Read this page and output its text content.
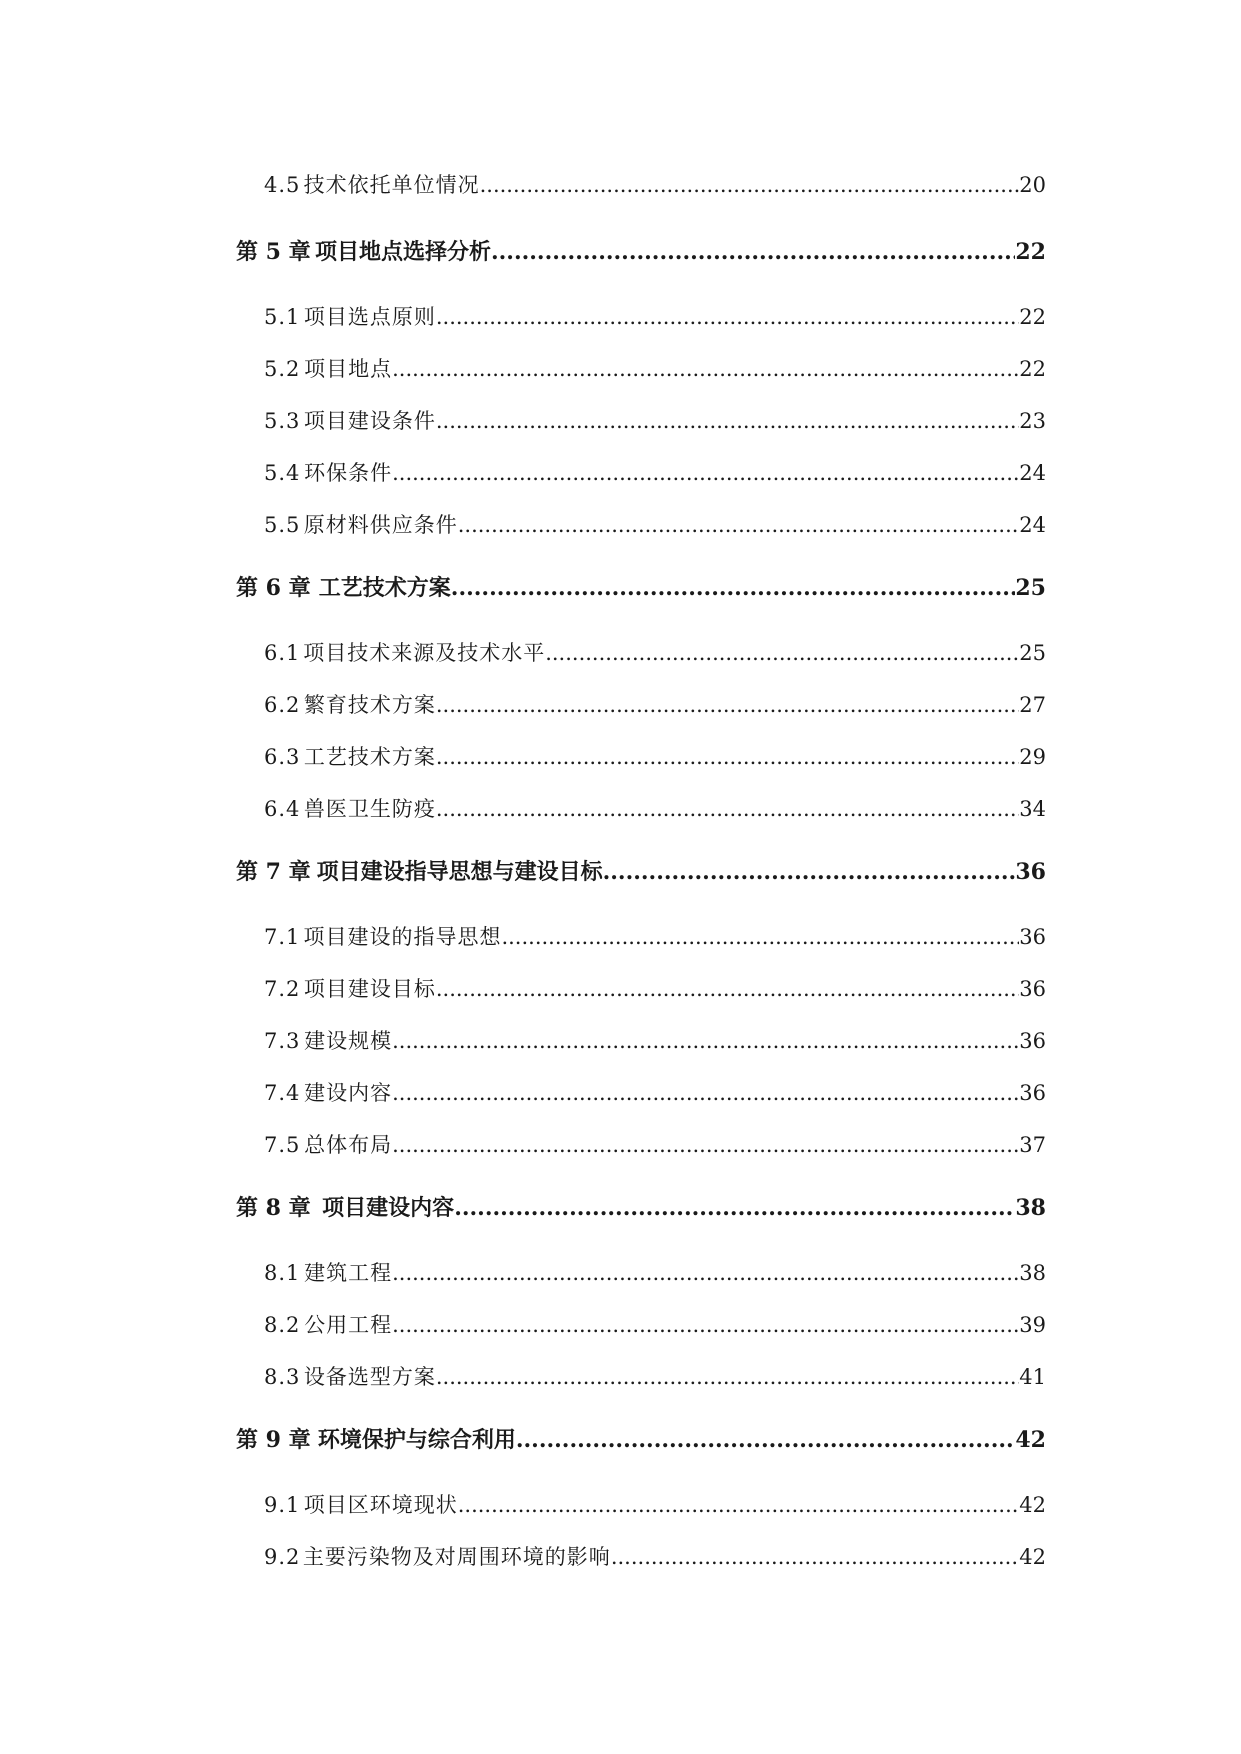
4.5 技术依托单位情况 .....	20
第 5 章 项目地点选择分析 .....	22
5.1 项目选点原则 .....	22
5.2 项目地点 .....	22
5.3 项目建设条件 .....	23
5.4 环保条件 .....	24
5.5 原材料供应条件 .....	24
第 6 章 工艺技术方案 .....	25
6.1 项目技术来源及技术水平 .....	25
6.2 繁育技术方案 .....	27
6.3 工艺技术方案 .....	29
6.4 兽医卫生防疫 .....	34
第 7 章 项目建设指导思想与建设目标 .....	36
7.1 项目建设的指导思想 .....	36
7.2 项目建设目标 .....	36
7.3 建设规模 .....	36
7.4 建设内容 .....	36
7.5 总体布局 .....	37
第 8 章 项目建设内容 .....	38
8.1 建筑工程 .....	38
8.2 公用工程 .....	39
8.3 设备选型方案 .....	41
第 9 章 环境保护与综合利用 .....	42
9.1 项目区环境现状 .....	42
9.2 主要污染物及对周围环境的影响 .....	42
